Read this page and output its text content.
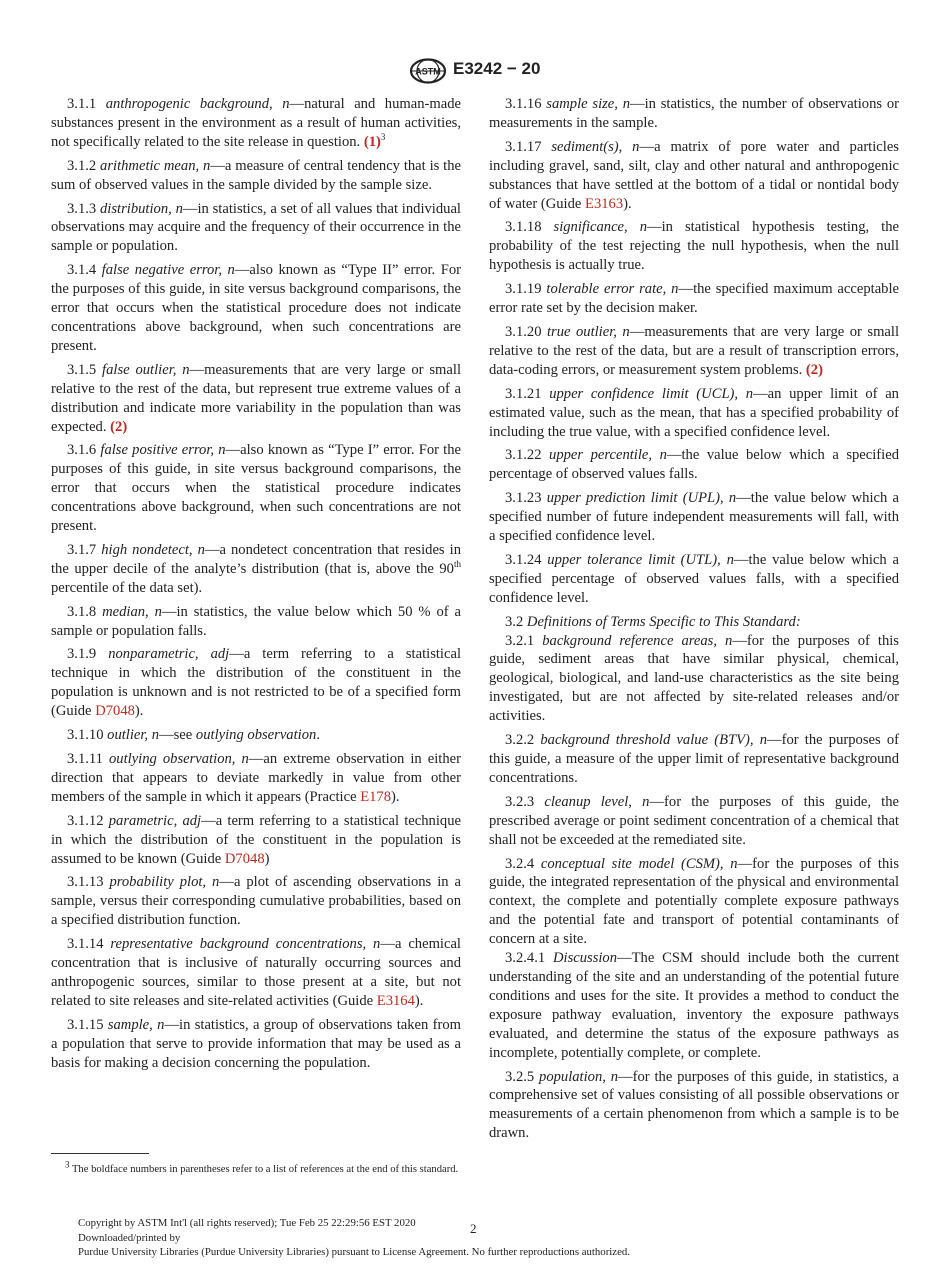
ASTM E3242 − 20

3.1.1 anthropogenic background, n—natural and human-made substances present in the environment as a result of human activities, not specifically related to the site release in question. $(1)^3$

3.1.2 arithmetic mean, n—a measure of central tendency that is the sum of observed values in the sample divided by the sample size.

3.1.3 distribution, n—in statistics, a set of all values that individual observations may acquire and the frequency of their occurrence in the sample or population.

3.1.4 false negative error, n—also known as “Type II” error. For the purposes of this guide, in site versus background comparisons, the error that occurs when the statistical procedure does not indicate concentrations above background, when such concentrations are present.

3.1.5 false outlier, n—measurements that are very large or small relative to the rest of the data, but represent true extreme values of a distribution and indicate more variability in the population than was expected. (2)

3.1.6 false positive error, n—also known as “Type I” error. For the purposes of this guide, in site versus background comparisons, the error that occurs when the statistical procedure indicates concentrations above background, when such concentrations are not present.

3.1.7 high nondetect, n—a nondetect concentration that resides in the upper decile of the analyte’s distribution (that is, above the 90th percentile of the data set).

3.1.8 median, n—in statistics, the value below which 50 % of a sample or population falls.

3.1.9 nonparametric, adj—a term referring to a statistical technique in which the distribution of the constituent in the population is unknown and is not restricted to be of a specified form (Guide D7048).

3.1.10 outlier, n—see outlying observation.

3.1.11 outlying observation, n—an extreme observation in either direction that appears to deviate markedly in value from other members of the sample in which it appears (Practice E178).

3.1.12 parametric, adj—a term referring to a statistical technique in which the distribution of the constituent in the population is assumed to be known (Guide D7048)

3.1.13 probability plot, n—a plot of ascending observations in a sample, versus their corresponding cumulative probabilities, based on a specified distribution function.

3.1.14 representative background concentrations, n—a chemical concentration that is inclusive of naturally occurring sources and anthropogenic sources, similar to those present at a site, but not related to site releases and site-related activities (Guide E3164).

3.1.15 sample, n—in statistics, a group of observations taken from a population that serve to provide information that may be used as a basis for making a decision concerning the population.

3.1.16 sample size, n—in statistics, the number of observations or measurements in the sample.

3.1.17 sediment(s), n—a matrix of pore water and particles including gravel, sand, silt, clay and other natural and anthropogenic substances that have settled at the bottom of a tidal or nontidal body of water (Guide E3163).

3.1.18 significance, n—in statistical hypothesis testing, the probability of the test rejecting the null hypothesis, when the null hypothesis is actually true.

3.1.19 tolerable error rate, n—the specified maximum acceptable error rate set by the decision maker.

3.1.20 true outlier, n—measurements that are very large or small relative to the rest of the data, but are a result of transcription errors, data-coding errors, or measurement system problems. (2)

3.1.21 upper confidence limit (UCL), n—an upper limit of an estimated value, such as the mean, that has a specified probability of including the true value, with a specified confidence level.

3.1.22 upper percentile, n—the value below which a specified percentage of observed values falls.

3.1.23 upper prediction limit (UPL), n—the value below which a specified number of future independent measurements will fall, with a specified confidence level.

3.1.24 upper tolerance limit (UTL), n—the value below which a specified percentage of observed values falls, with a specified confidence level.

3.2 Definitions of Terms Specific to This Standard:

3.2.1 background reference areas, n—for the purposes of this guide, sediment areas that have similar physical, chemical, geological, biological, and land-use characteristics as the site being investigated, but are not affected by site-related releases and/or activities.

3.2.2 background threshold value (BTV), n—for the purposes of this guide, a measure of the upper limit of representative background concentrations.

3.2.3 cleanup level, n—for the purposes of this guide, the prescribed average or point sediment concentration of a chemical that shall not be exceeded at the remediated site.

3.2.4 conceptual site model (CSM), n—for the purposes of this guide, the integrated representation of the physical and environmental context, the complete and potentially complete exposure pathways and the potential fate and transport of potential contaminants of concern at a site.

3.2.4.1 Discussion—The CSM should include both the current understanding of the site and an understanding of the potential future conditions and uses for the site. It provides a method to conduct the exposure pathway evaluation, inventory the exposure pathways evaluated, and determine the status of the exposure pathways as incomplete, potentially complete, or complete.

3.2.5 population, n—for the purposes of this guide, in statistics, a comprehensive set of values consisting of all possible observations or measurements of a certain phenomenon from which a sample is to be drawn.

$^3$ The boldface numbers in parentheses refer to a list of references at the end of this standard.
Copyright by ASTM Int'l (all rights reserved); Tue Feb 25 22:29:56 EST 2020
Downloaded/printed by
Purdue University Libraries (Purdue University Libraries) pursuant to License Agreement. No further reproductions authorized.
2
